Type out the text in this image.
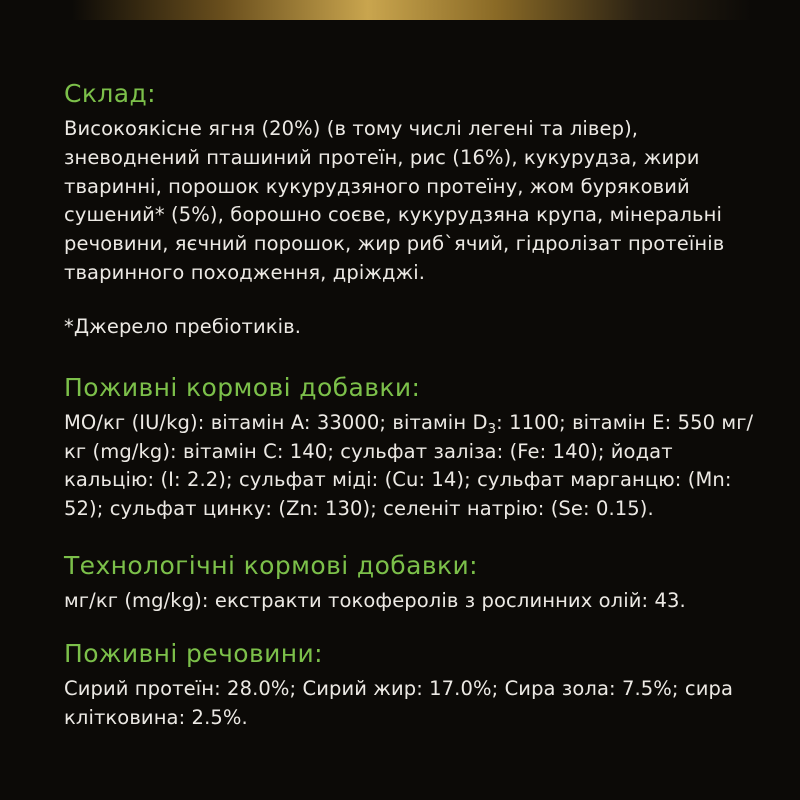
Склад:

Високоякісне ягня (20%) (в тому числі легені та лівер), зневоднений пташиний протеїн, рис (16%), кукурудза, жири тваринні, порошок кукурудзяного протеїну, жом буряковий сушений* (5%), борошно соєве, кукурудзяна крупа, мінеральні речовини, яєчний порошок, жир риб`ячий, гідролізат протеїнів тваринного походження, дріжджі.

*Джерело пребіотиків.

Поживні кормові добавки:

МО/кг (IU/kg): вітамін A: 33000; вітамін $D_3$: 1100; вітамін E: 550 мг/кг (mg/kg): вітамін C: 140; сульфат заліза: (Fe: 140); йодат кальцію: (I: 2.2); сульфат міді: (Cu: 14); сульфат марганцю: (Mn: 52); сульфат цинку: (Zn: 130); селеніт натрію: (Se: 0.15).

Технологічні кормові добавки:

мг/кг (mg/kg): екстракти токоферолів з рослинних олій: 43.

Поживні речовини:

Сирий протеїн: 28.0%; Сирий жир: 17.0%; Сира зола: 7.5%; сира клітковина: 2.5%.
